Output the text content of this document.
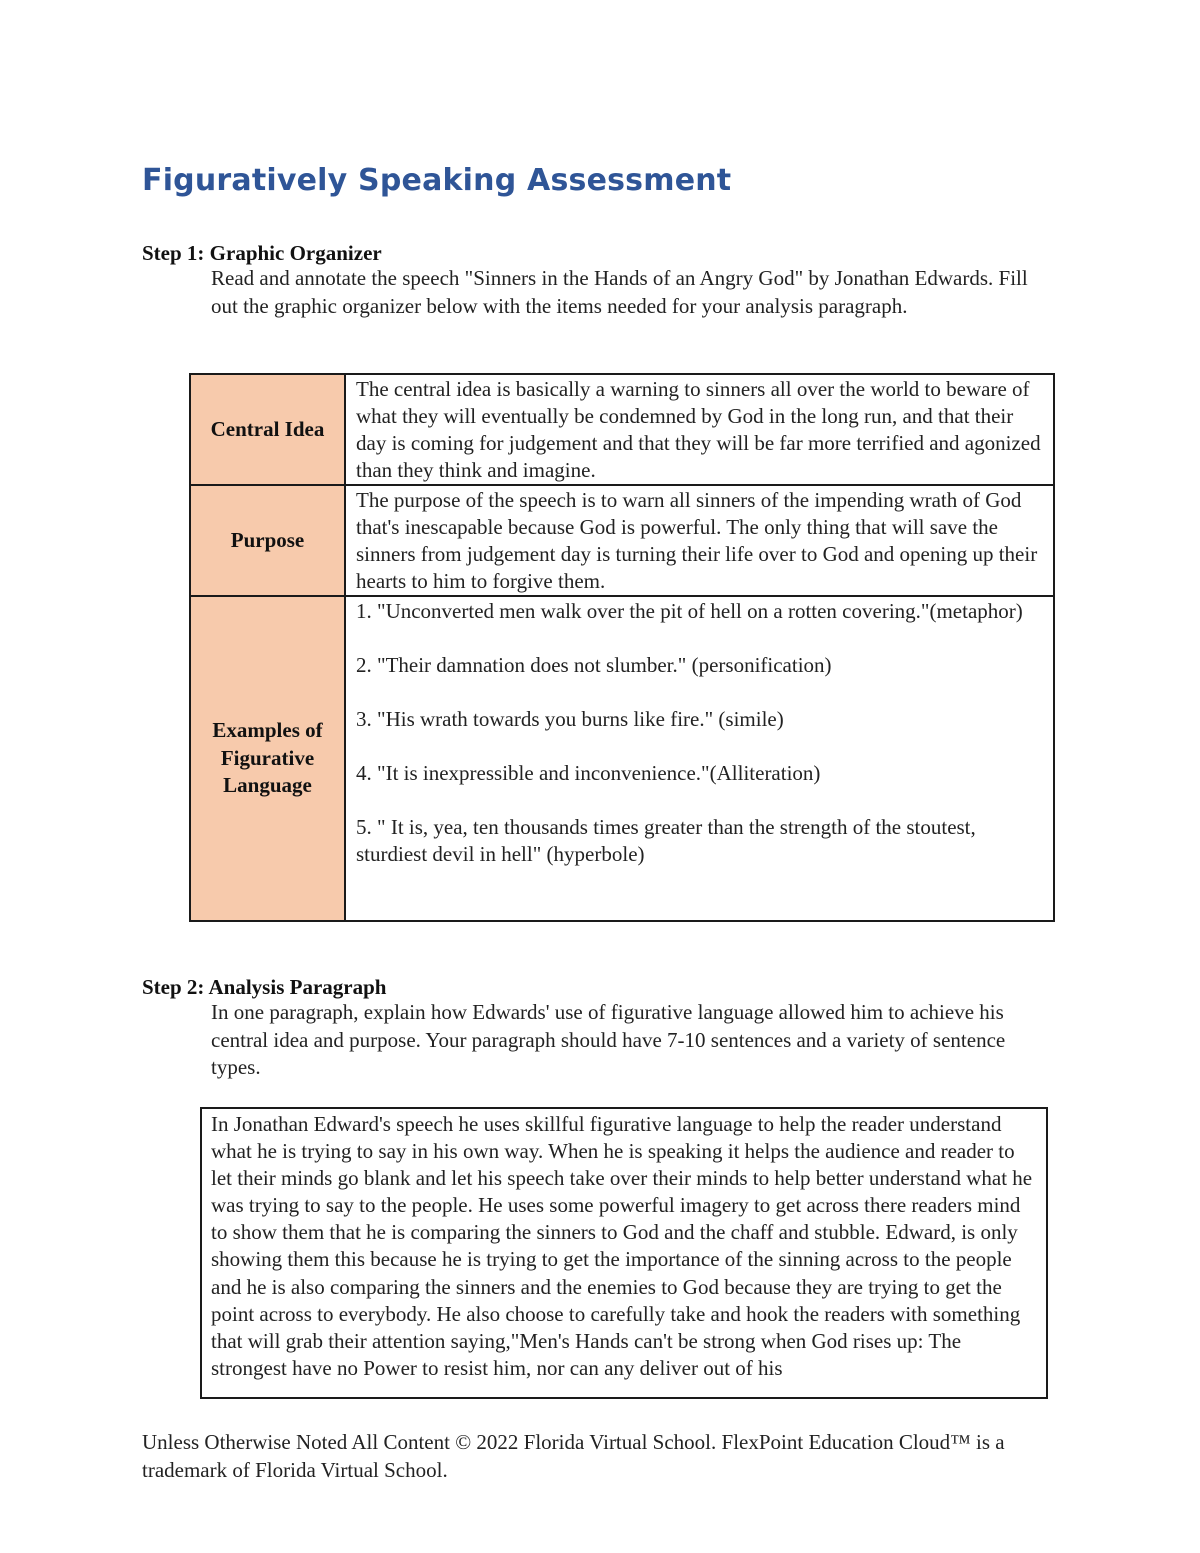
Figuratively Speaking Assessment
Step 1: Graphic Organizer

Read and annotate the speech "Sinners in the Hands of an Angry God" by Jonathan Edwards. Fill out the graphic organizer below with the items needed for your analysis paragraph.

Central Idea	The central idea is basically a warning to sinners all over the world to beware of what they will eventually be condemned by God in the long run, and that their day is coming for judgement and that they will be far more terrified and agonized than they think and imagine.
Purpose	The purpose of the speech is to warn all sinners of the impending wrath of God that's inescapable because God is powerful. The only thing that will save the sinners from judgement day is turning their life over to God and opening up their hearts to him to forgive them.
Examples of Figurative Language	1. "Unconverted men walk over the pit of hell on a rotten covering."(metaphor)

2. "Their damnation does not slumber." (personification)

3. "His wrath towards you burns like fire." (simile)

4. "It is inexpressible and inconvenience."(Alliteration)

5. " It is, yea, ten thousands times greater than the strength of the stoutest, sturdiest devil in hell" (hyperbole)

Step 2: Analysis Paragraph

In one paragraph, explain how Edwards' use of figurative language allowed him to achieve his central idea and purpose. Your paragraph should have 7-10 sentences and a variety of sentence types.

In Jonathan Edward's speech he uses skillful figurative language to help the reader understand what he is trying to say in his own way. When he is speaking it helps the audience and reader to let their minds go blank and let his speech take over their minds to help better understand what he was trying to say to the people. He uses some powerful imagery to get across there readers mind to show them that he is comparing the sinners to God and the chaff and stubble. Edward, is only showing them this because he is trying to get the importance of the sinning across to the people and he is also comparing the sinners and the enemies to God because they are trying to get the point across to everybody. He also choose to carefully take and hook the readers with something that will grab their attention saying,"Men's Hands can't be strong when God rises up: The strongest have no Power to resist him, nor can any deliver out of his

Unless Otherwise Noted All Content © 2022 Florida Virtual School. FlexPoint Education Cloud™ is a trademark of Florida Virtual School.
